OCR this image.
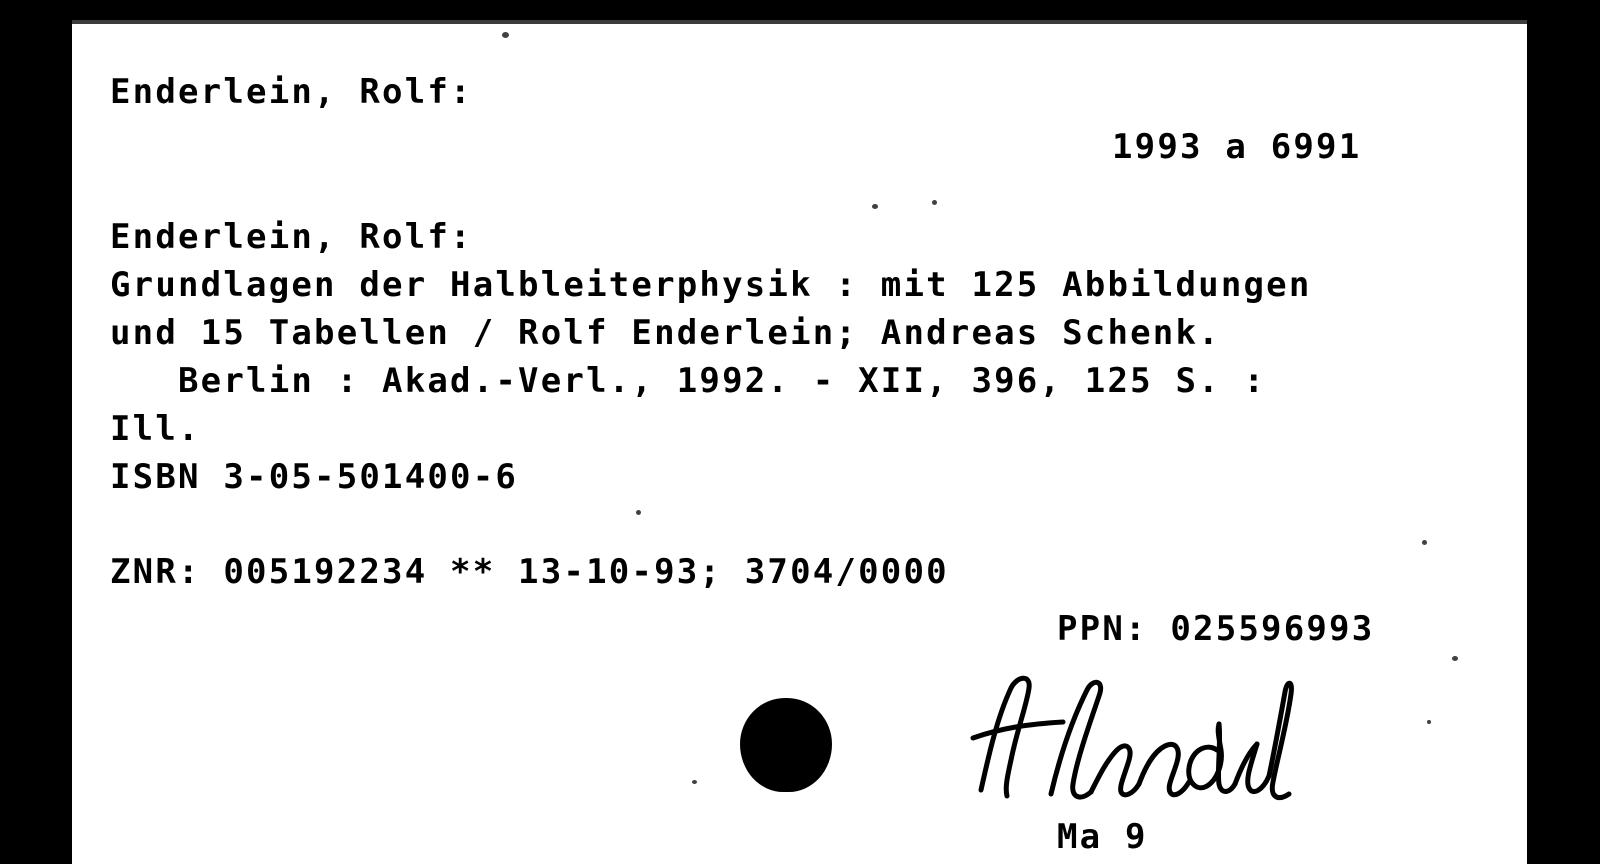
Enderlein, Rolf:
1993 a 6991
Enderlein, Rolf:
Grundlagen der Halbleiterphysik : mit 125 Abbildungen
und 15 Tabellen / Rolf Enderlein; Andreas Schenk.
Berlin : Akad.-Verl., 1992. - XII, 396, 125 S. :
Ill.
ISBN 3-05-501400-6
ZNR: 005192234 ** 13-10-93; 3704/0000
PPN: 025596993
Ma 9
